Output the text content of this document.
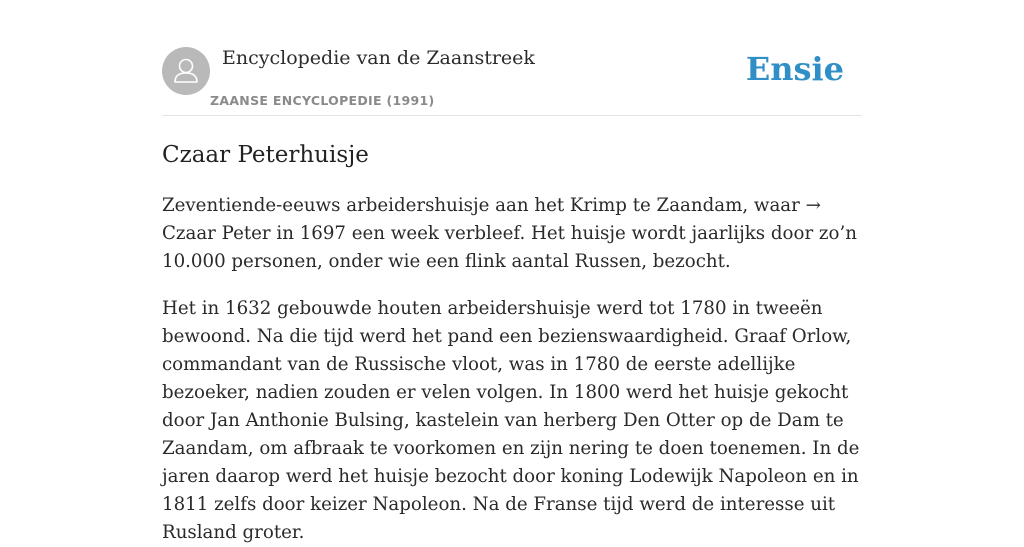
Encyclopedie van de Zaanstreek
ZAANSE ENCYCLOPEDIE (1991)
Ensie
Czaar Peterhuisje

Zeventiende-eeuws arbeidershuisje aan het Krimp te Zaandam, waar → Czaar Peter in 1697 een week verbleef. Het huisje wordt jaarlijks door zo’n 10.000 personen, onder wie een flink aantal Russen, bezocht.

Het in 1632 gebouwde houten arbeidershuisje werd tot 1780 in tweeën bewoond. Na die tijd werd het pand een bezienswaardigheid. Graaf Orlow, commandant van de Russische vloot, was in 1780 de eerste adellijke bezoeker, nadien zouden er velen volgen. In 1800 werd het huisje gekocht door Jan Anthonie Bulsing, kastelein van herberg Den Otter op de Dam te Zaandam, om afbraak te voorkomen en zijn nering te doen toenemen. In de jaren daarop werd het huisje bezocht door koning Lodewijk Napoleon en in 1811 zelfs door keizer Napoleon. Na de Franse tijd werd de interesse uit Rusland groter.
